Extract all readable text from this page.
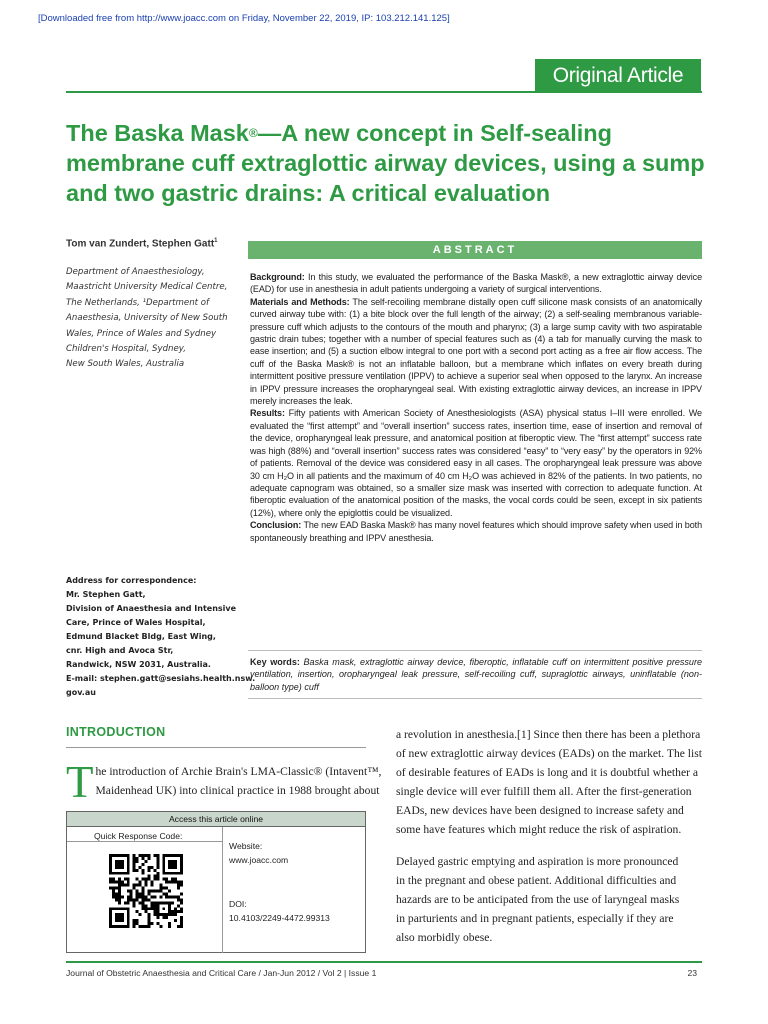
[Downloaded free from http://www.joacc.com on Friday, November 22, 2019, IP: 103.212.141.125]
Original Article
The Baska Mask®—A new concept in Self-sealing membrane cuff extraglottic airway devices, using a sump and two gastric drains: A critical evaluation
Tom van Zundert, Stephen Gatt$^1$
Department of Anaesthesiology,
Maastricht University Medical Centre,
The Netherlands, ¹Department of
Anaesthesia, University of New South
Wales, Prince of Wales and Sydney
Children's Hospital, Sydney,
New South Wales, Australia
Address for correspondence:
Mr. Stephen Gatt,
Division of Anaesthesia and Intensive
Care, Prince of Wales Hospital,
Edmund Blacket Bldg, East Wing,
cnr. High and Avoca Str,
Randwick, NSW 2031, Australia.
E-mail: stephen.gatt@sesiahs.health.nsw.
gov.au
ABSTRACT

Background: In this study, we evaluated the performance of the Baska Mask®, a new extraglottic airway device (EAD) for use in anesthesia in adult patients undergoing a variety of surgical interventions.

Materials and Methods: The self-recoiling membrane distally open cuff silicone mask consists of an anatomically curved airway tube with: (1) a bite block over the full length of the airway; (2) a self-sealing membranous variable-pressure cuff which adjusts to the contours of the mouth and pharynx; (3) a large sump cavity with two aspiratable gastric drain tubes; together with a number of special features such as (4) a tab for manually curving the mask to ease insertion; and (5) a suction elbow integral to one port with a second port acting as a free air flow access. The cuff of the Baska Mask® is not an inflatable balloon, but a membrane which inflates on every breath during intermittent positive pressure ventilation (IPPV) to achieve a superior seal when opposed to the larynx. An increase in IPPV pressure increases the oropharyngeal seal. With existing extraglottic airway devices, an increase in IPPV merely increases the leak.

Results: Fifty patients with American Society of Anesthesiologists (ASA) physical status I–III were enrolled. We evaluated the “first attempt” and “overall insertion” success rates, insertion time, ease of insertion and removal of the device, oropharyngeal leak pressure, and anatomical position at fiberoptic view. The “first attempt” success rate was high (88%) and “overall insertion” success rates was considered “easy” to “very easy” by the operators in 92% of patients. Removal of the device was considered easy in all cases. The oropharyngeal leak pressure was above 30 cm H₂O in all patients and the maximum of 40 cm H₂O was achieved in 82% of the patients. In two patients, no adequate capnogram was obtained, so a smaller size mask was inserted with correction to adequate function. At fiberoptic evaluation of the anatomical position of the masks, the vocal cords could be seen, except in six patients (12%), where only the epiglottis could be visualized.

Conclusion: The new EAD Baska Mask® has many novel features which should improve safety when used in both spontaneously breathing and IPPV anesthesia.

Key words: Baska mask, extraglottic airway device, fiberoptic, inflatable cuff on intermittent positive pressure ventilation, insertion, oropharyngeal leak pressure, self-recoiling cuff, supraglottic airways, uninflatable (non-balloon type) cuff
INTRODUCTION
T he introduction of Archie Brain's LMA-Classic® (Intavent™,
Maidenhead UK) into clinical practice in 1988 brought about
Access this article online
Quick Response Code:
Website:
www.joacc.com
DOI:
10.4103/2249-4472.99313
a revolution in anesthesia.[1] Since then there has been a plethora
of new extraglottic airway devices (EADs) on the market. The list
of desirable features of EADs is long and it is doubtful whether a
single device will ever fulfill them all. After the first-generation
EADs, new devices have been designed to increase safety and
some have features which might reduce the risk of aspiration.
Delayed gastric emptying and aspiration is more pronounced
in the pregnant and obese patient. Additional difficulties and
hazards are to be anticipated from the use of laryngeal masks
in parturients and in pregnant patients, especially if they are
also morbidly obese.
Journal of Obstetric Anaesthesia and Critical Care / Jan-Jun 2012 / Vol 2 | Issue 1	23
